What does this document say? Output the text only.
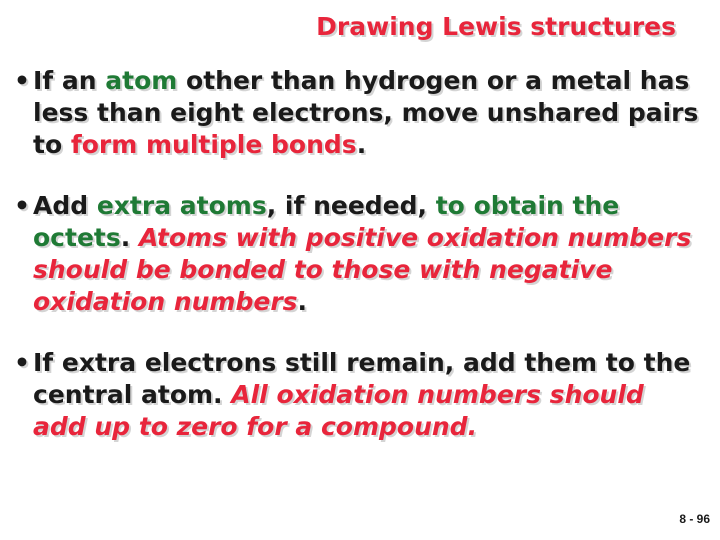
Drawing Lewis structures
• If an atom other than hydrogen or a metal has less than eight electrons, move unshared pairs to form multiple bonds.
• Add extra atoms, if needed, to obtain the octets. Atoms with positive oxidation numbers should be bonded to those with negative oxidation numbers.
• If extra electrons still remain, add them to the central atom. All oxidation numbers should add up to zero for a compound.
8 - 96
